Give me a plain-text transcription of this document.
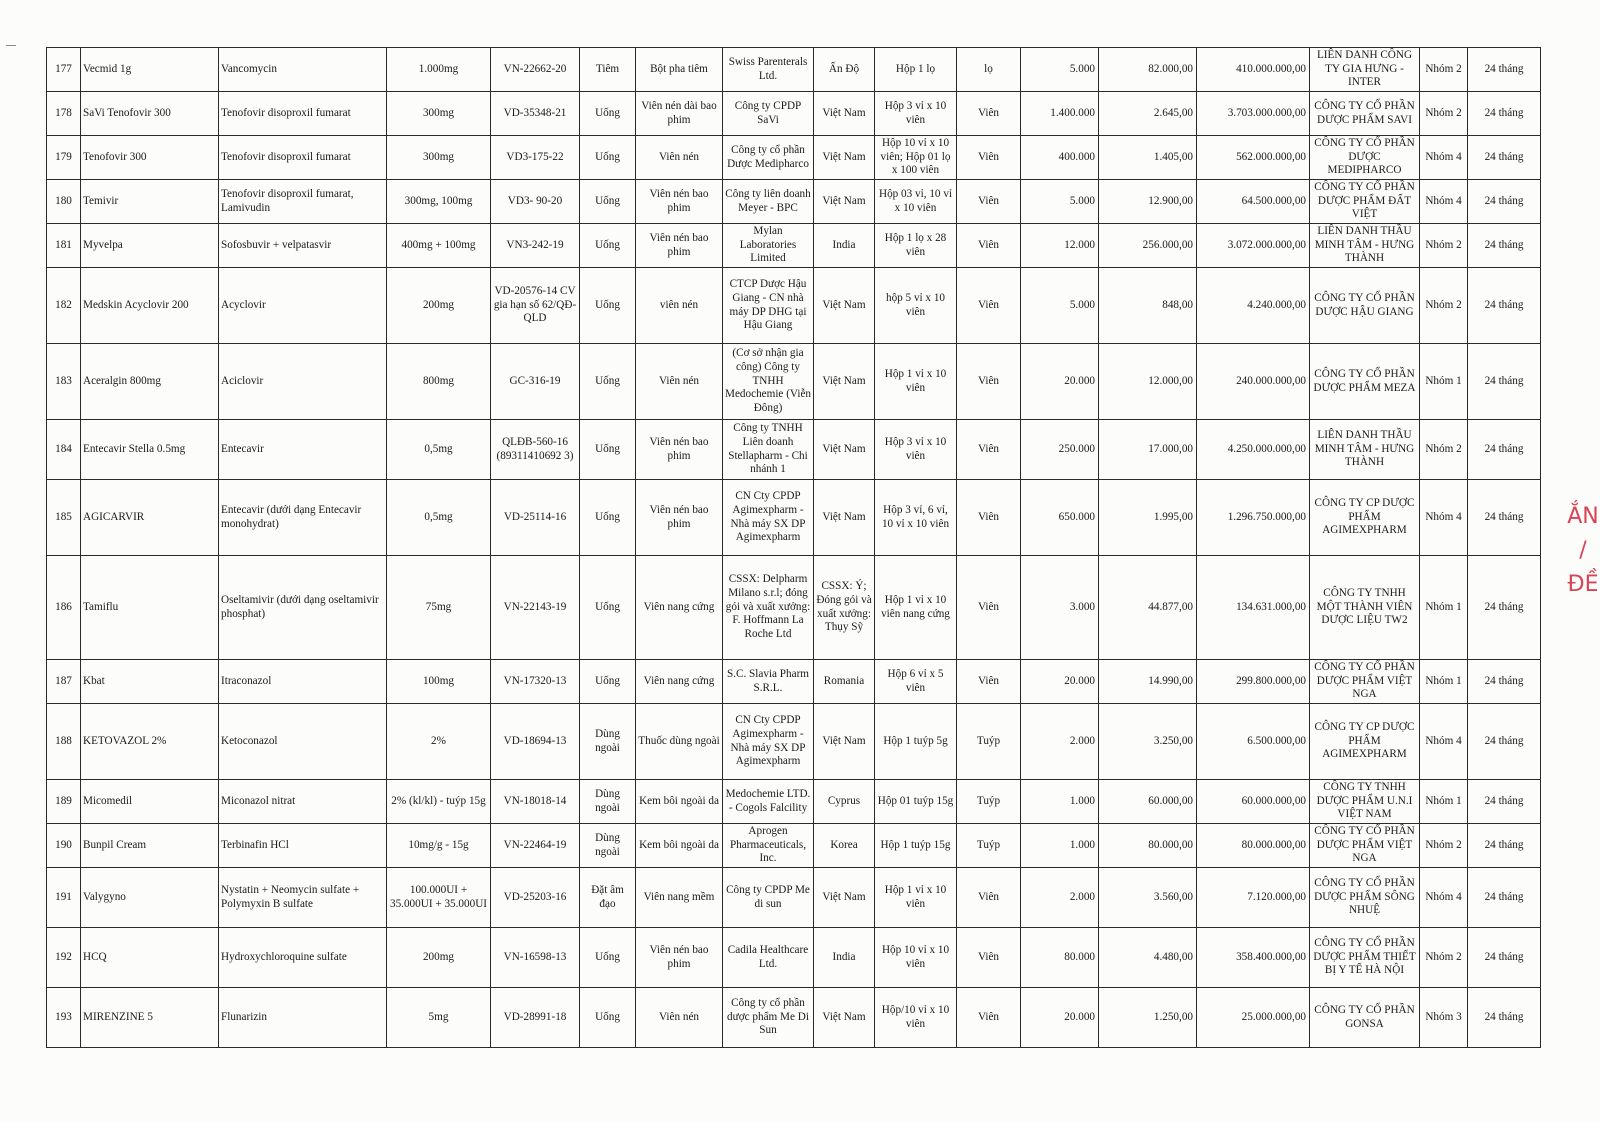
177	Vecmid 1g	Vancomycin	1.000mg	VN-22662-20	Tiêm	Bột pha tiêm	Swiss Parenterals Ltd.	Ấn Độ	Hộp 1 lọ	lọ	5.000	82.000,00	410.000.000,00	LIÊN DANH CÔNG TY GIA HƯNG - INTER	Nhóm 2	24 tháng
178	SaVi Tenofovir 300	Tenofovir disoproxil fumarat	300mg	VD-35348-21	Uống	Viên nén dài bao phim	Công ty CPDP SaVi	Việt Nam	Hộp 3 vỉ x 10 viên	Viên	1.400.000	2.645,00	3.703.000.000,00	CÔNG TY CỔ PHẦN DƯỢC PHẨM SAVI	Nhóm 2	24 tháng
179	Tenofovir 300	Tenofovir disoproxil fumarat	300mg	VD3-175-22	Uống	Viên nén	Công ty cổ phần Dược Medipharco	Việt Nam	Hộp 10 vỉ x 10 viên; Hộp 01 lọ x 100 viên	Viên	400.000	1.405,00	562.000.000,00	CÔNG TY CỔ PHẦN DƯỢC MEDIPHARCO	Nhóm 4	24 tháng
180	Temivir	Tenofovir disoproxil fumarat, Lamivudin	300mg, 100mg	VD3- 90-20	Uống	Viên nén bao phim	Công ty liên doanh Meyer - BPC	Việt Nam	Hộp 03 vỉ, 10 vỉ x 10 viên	Viên	5.000	12.900,00	64.500.000,00	CÔNG TY CỔ PHẦN DƯỢC PHẨM ĐẤT VIỆT	Nhóm 4	24 tháng
181	Myvelpa	Sofosbuvir + velpatasvir	400mg + 100mg	VN3-242-19	Uống	Viên nén bao phim	Mylan Laboratories Limited	India	Hộp 1 lọ x 28 viên	Viên	12.000	256.000,00	3.072.000.000,00	LIÊN DANH THẦU MINH TÂM - HƯNG THÀNH	Nhóm 2	24 tháng
182	Medskin Acyclovir 200	Acyclovir	200mg	VD-20576-14 CV gia hạn số 62/QĐ-QLD	Uống	viên nén	CTCP Dược Hậu Giang - CN nhà máy DP DHG tại Hậu Giang	Việt Nam	hộp 5 vỉ x 10 viên	Viên	5.000	848,00	4.240.000,00	CÔNG TY CỔ PHẦN DƯỢC HẬU GIANG	Nhóm 2	24 tháng
183	Aceralgin 800mg	Aciclovir	800mg	GC-316-19	Uống	Viên nén	(Cơ sở nhận gia công) Công ty TNHH Medochemie (Viễn Đông)	Việt Nam	Hộp 1 vỉ x 10 viên	Viên	20.000	12.000,00	240.000.000,00	CÔNG TY CỔ PHẦN DƯỢC PHẨM MEZA	Nhóm 1	24 tháng
184	Entecavir Stella 0.5mg	Entecavir	0,5mg	QLĐB-560-16 (89311410692 3)	Uống	Viên nén bao phim	Công ty TNHH Liên doanh Stellapharm - Chi nhánh 1	Việt Nam	Hộp 3 vỉ x 10 viên	Viên	250.000	17.000,00	4.250.000.000,00	LIÊN DANH THẦU MINH TÂM - HƯNG THÀNH	Nhóm 2	24 tháng
185	AGICARVIR	Entecavir (dưới dạng Entecavir monohydrat)	0,5mg	VD-25114-16	Uống	Viên nén bao phim	CN Cty CPDP Agimexpharm - Nhà máy SX DP Agimexpharm	Việt Nam	Hộp 3 vỉ, 6 vỉ, 10 vỉ x 10 viên	Viên	650.000	1.995,00	1.296.750.000,00	CÔNG TY CP DƯỢC PHẨM AGIMEXPHARM	Nhóm 4	24 tháng
186	Tamiflu	Oseltamivir (dưới dạng oseltamivir phosphat)	75mg	VN-22143-19	Uống	Viên nang cứng	CSSX: Delpharm Milano s.r.l; đóng gói và xuất xưởng: F. Hoffmann La Roche Ltd	CSSX: Ý; Đóng gói và xuất xưởng: Thụy Sỹ	Hộp 1 vỉ x 10 viên nang cứng	Viên	3.000	44.877,00	134.631.000,00	CÔNG TY TNHH MỘT THÀNH VIÊN DƯỢC LIỆU TW2	Nhóm 1	24 tháng
187	Kbat	Itraconazol	100mg	VN-17320-13	Uống	Viên nang cứng	S.C. Slavia Pharm S.R.L.	Romania	Hộp 6 vỉ x 5 viên	Viên	20.000	14.990,00	299.800.000,00	CÔNG TY CỔ PHẦN DƯỢC PHẨM VIỆT NGA	Nhóm 1	24 tháng
188	KETOVAZOL 2%	Ketoconazol	2%	VD-18694-13	Dùng ngoài	Thuốc dùng ngoài	CN Cty CPDP Agimexpharm - Nhà máy SX DP Agimexpharm	Việt Nam	Hộp 1 tuýp 5g	Tuýp	2.000	3.250,00	6.500.000,00	CÔNG TY CP DƯỢC PHẨM AGIMEXPHARM	Nhóm 4	24 tháng
189	Micomedil	Miconazol nitrat	2% (kl/kl) - tuýp 15g	VN-18018-14	Dùng ngoài	Kem bôi ngoài da	Medochemie LTD. - Cogols Falcility	Cyprus	Hộp 01 tuýp 15g	Tuýp	1.000	60.000,00	60.000.000,00	CÔNG TY TNHH DƯỢC PHẨM U.N.I VIỆT NAM	Nhóm 1	24 tháng
190	Bunpil Cream	Terbinafin HCl	10mg/g - 15g	VN-22464-19	Dùng ngoài	Kem bôi ngoài da	Aprogen Pharmaceuticals, Inc.	Korea	Hộp 1 tuýp 15g	Tuýp	1.000	80.000,00	80.000.000,00	CÔNG TY CỔ PHẦN DƯỢC PHẨM VIỆT NGA	Nhóm 2	24 tháng
191	Valygyno	Nystatin + Neomycin sulfate + Polymyxin B sulfate	100.000UI + 35.000UI + 35.000UI	VD-25203-16	Đặt âm đạo	Viên nang mềm	Công ty CPDP Me di sun	Việt Nam	Hộp 1 vỉ x 10 viên	Viên	2.000	3.560,00	7.120.000,00	CÔNG TY CỔ PHẦN DƯỢC PHẨM SÔNG NHUỆ	Nhóm 4	24 tháng
192	HCQ	Hydroxychloroquine sulfate	200mg	VN-16598-13	Uống	Viên nén bao phim	Cadila Healthcare Ltd.	India	Hộp 10 vỉ x 10 viên	Viên	80.000	4.480,00	358.400.000,00	CÔNG TY CỔ PHẦN DƯỢC PHẨM THIẾT BỊ Y TẾ HÀ NỘI	Nhóm 2	24 tháng
193	MIRENZINE 5	Flunarizin	5mg	VD-28991-18	Uống	Viên nén	Công ty cổ phần dược phẩm Me Di Sun	Việt Nam	Hộp/10 vỉ x 10 viên	Viên	20.000	1.250,00	25.000.000,00	CÔNG TY CỔ PHẦN GONSA	Nhóm 3	24 tháng
ẮN / ĐỀ
